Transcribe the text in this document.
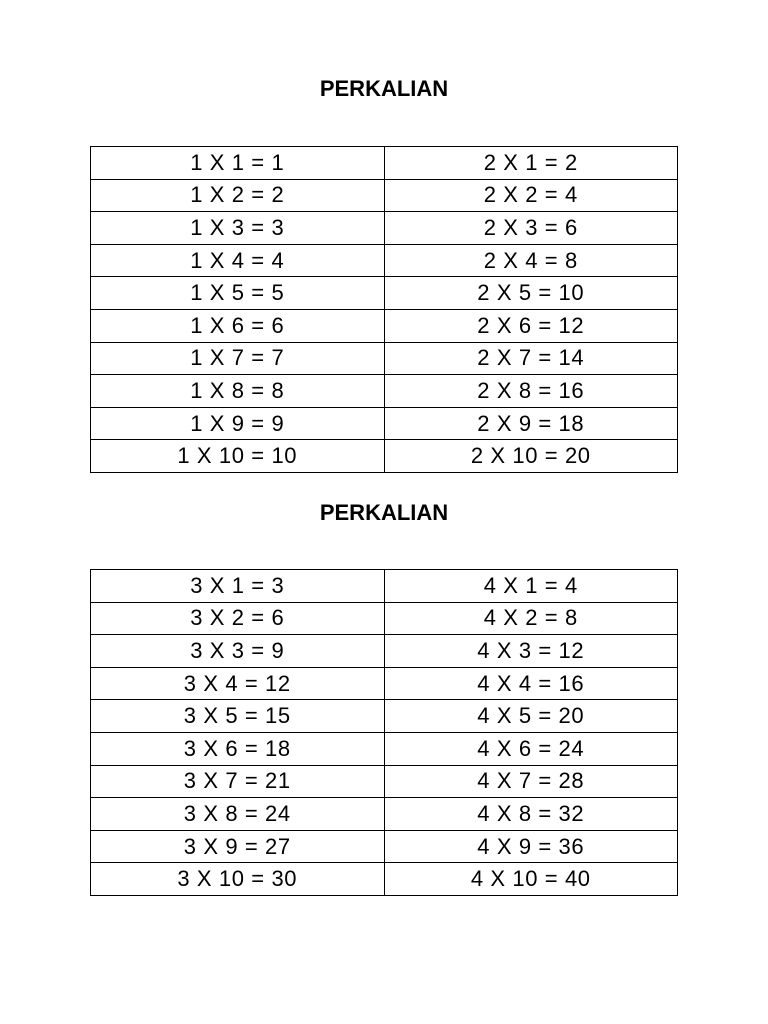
PERKALIAN
1 X 1 = 1	2 X 1 = 2
1 X 2 = 2	2 X 2 = 4
1 X 3 = 3	2 X 3 = 6
1 X 4 = 4	2 X 4 = 8
1 X 5 = 5	2 X 5 = 10
1 X 6 = 6	2 X 6 = 12
1 X 7 = 7	2 X 7 = 14
1 X 8 = 8	2 X 8 = 16
1 X 9 = 9	2 X 9 = 18
1 X 10 = 10	2 X 10 = 20
PERKALIAN
3 X 1 = 3	4 X 1 = 4
3 X 2 = 6	4 X 2 = 8
3 X 3 = 9	4 X 3 = 12
3 X 4 = 12	4 X 4 = 16
3 X 5 = 15	4 X 5 = 20
3 X 6 = 18	4 X 6 = 24
3 X 7 = 21	4 X 7 = 28
3 X 8 = 24	4 X 8 = 32
3 X 9 = 27	4 X 9 = 36
3 X 10 = 30	4 X 10 = 40
